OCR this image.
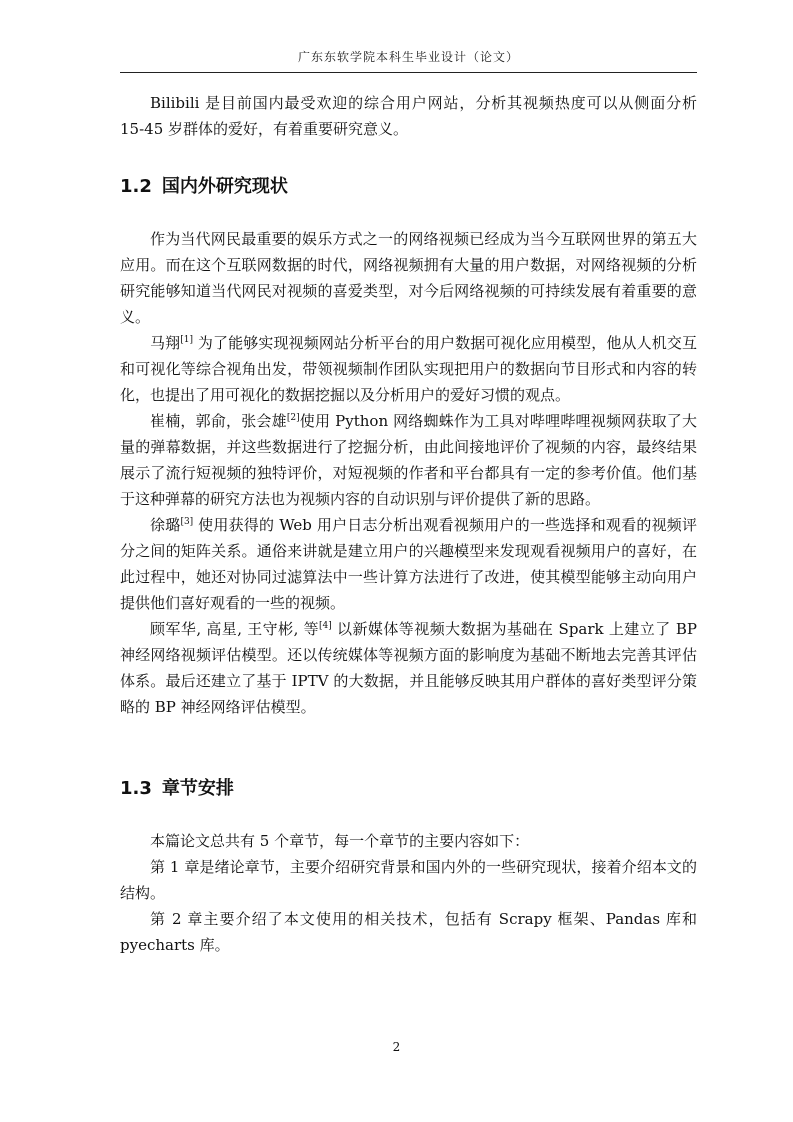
广东东软学院本科生毕业设计（论文）

Bilibili 是目前国内最受欢迎的综合用户网站，分析其视频热度可以从侧面分析 15-45 岁群体的爱好，有着重要研究意义。

1.2 国内外研究现状

作为当代网民最重要的娱乐方式之一的网络视频已经成为当今互联网世界的第五大应用。而在这个互联网数据的时代，网络视频拥有大量的用户数据，对网络视频的分析研究能够知道当代网民对视频的喜爱类型，对今后网络视频的可持续发展有着重要的意义。

马翔[1] 为了能够实现视频网站分析平台的用户数据可视化应用模型，他从人机交互和可视化等综合视角出发，带领视频制作团队实现把用户的数据向节目形式和内容的转化，也提出了用可视化的数据挖掘以及分析用户的爱好习惯的观点。

崔楠，郭俞，张会雄[2]使用 Python 网络蜘蛛作为工具对哔哩哔哩视频网获取了大量的弹幕数据，并这些数据进行了挖掘分析，由此间接地评价了视频的内容，最终结果展示了流行短视频的独特评价，对短视频的作者和平台都具有一定的参考价值。他们基于这种弹幕的研究方法也为视频内容的自动识别与评价提供了新的思路。

徐璐[3] 使用获得的 Web 用户日志分析出观看视频用户的一些选择和观看的视频评分之间的矩阵关系。通俗来讲就是建立用户的兴趣模型来发现观看视频用户的喜好，在此过程中，她还对协同过滤算法中一些计算方法进行了改进，使其模型能够主动向用户提供他们喜好观看的一些的视频。

顾军华, 高星, 王守彬, 等[4] 以新媒体等视频大数据为基础在 Spark 上建立了 BP 神经网络视频评估模型。还以传统媒体等视频方面的影响度为基础不断地去完善其评估体系。最后还建立了基于 IPTV 的大数据，并且能够反映其用户群体的喜好类型评分策略的 BP 神经网络评估模型。

1.3 章节安排

本篇论文总共有 5 个章节，每一个章节的主要内容如下：

第 1 章是绪论章节，主要介绍研究背景和国内外的一些研究现状，接着介绍本文的结构。

第 2 章主要介绍了本文使用的相关技术，包括有 Scrapy 框架、Pandas 库和 pyecharts 库。

2
